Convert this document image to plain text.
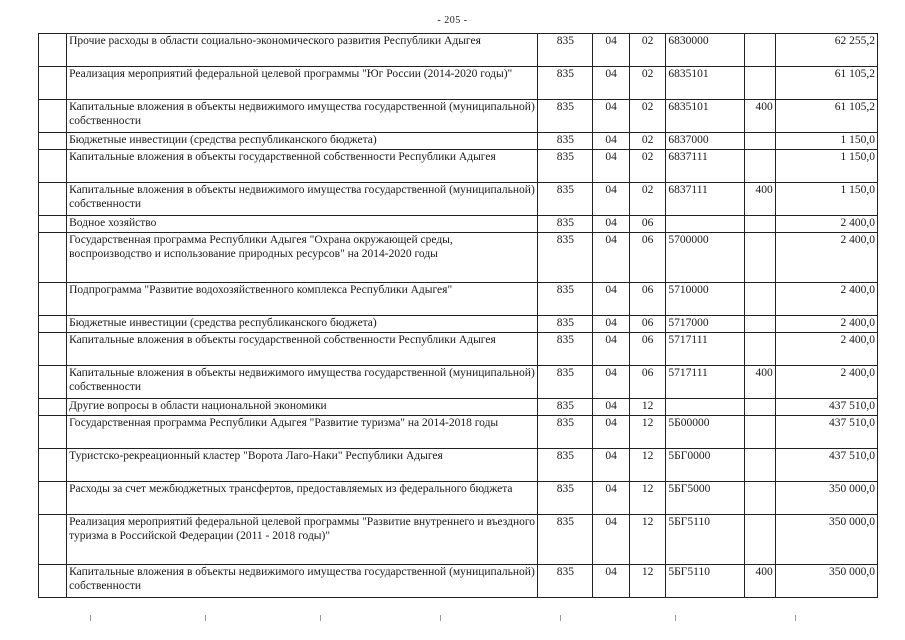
- 205 -
	Прочие расходы в области социально-экономического развития Республики Адыгея	835	04	02	6830000		62 255,2
	Реализация мероприятий федеральной целевой программы "Юг России (2014-2020 годы)"	835	04	02	6835101		61 105,2
	Капитальные вложения в объекты недвижимого имущества государственной (муниципальной) собственности	835	04	02	6835101	400	61 105,2
	Бюджетные инвестиции (средства республиканского бюджета)	835	04	02	6837000		1 150,0
	Капитальные вложения в объекты государственной собственности Республики Адыгея	835	04	02	6837111		1 150,0
	Капитальные вложения в объекты недвижимого имущества государственной (муниципальной) собственности	835	04	02	6837111	400	1 150,0
	Водное хозяйство	835	04	06			2 400,0
	Государственная программа Республики Адыгея "Охрана окружающей среды, воспроизводство и использование природных ресурсов" на 2014-2020 годы	835	04	06	5700000		2 400,0
	Подпрограмма "Развитие водохозяйственного комплекса Республики Адыгея"	835	04	06	5710000		2 400,0
	Бюджетные инвестиции (средства республиканского бюджета)	835	04	06	5717000		2 400,0
	Капитальные вложения в объекты государственной собственности Республики Адыгея	835	04	06	5717111		2 400,0
	Капитальные вложения в объекты недвижимого имущества государственной (муниципальной) собственности	835	04	06	5717111	400	2 400,0
	Другие вопросы в области национальной экономики	835	04	12			437 510,0
	Государственная программа Республики Адыгея "Развитие туризма" на 2014-2018 годы	835	04	12	5Б00000		437 510,0
	Туристско-рекреационный кластер "Ворота Лаго-Наки" Республики Адыгея	835	04	12	5БГ0000		437 510,0
	Расходы за счет межбюджетных трансфертов, предоставляемых из федерального бюджета	835	04	12	5БГ5000		350 000,0
	Реализация мероприятий федеральной целевой программы "Развитие внутреннего и въездного туризма в Российской Федерации (2011 - 2018 годы)"	835	04	12	5БГ5110		350 000,0
	Капитальные вложения в объекты недвижимого имущества государственной (муниципальной) собственности	835	04	12	5БГ5110	400	350 000,0
